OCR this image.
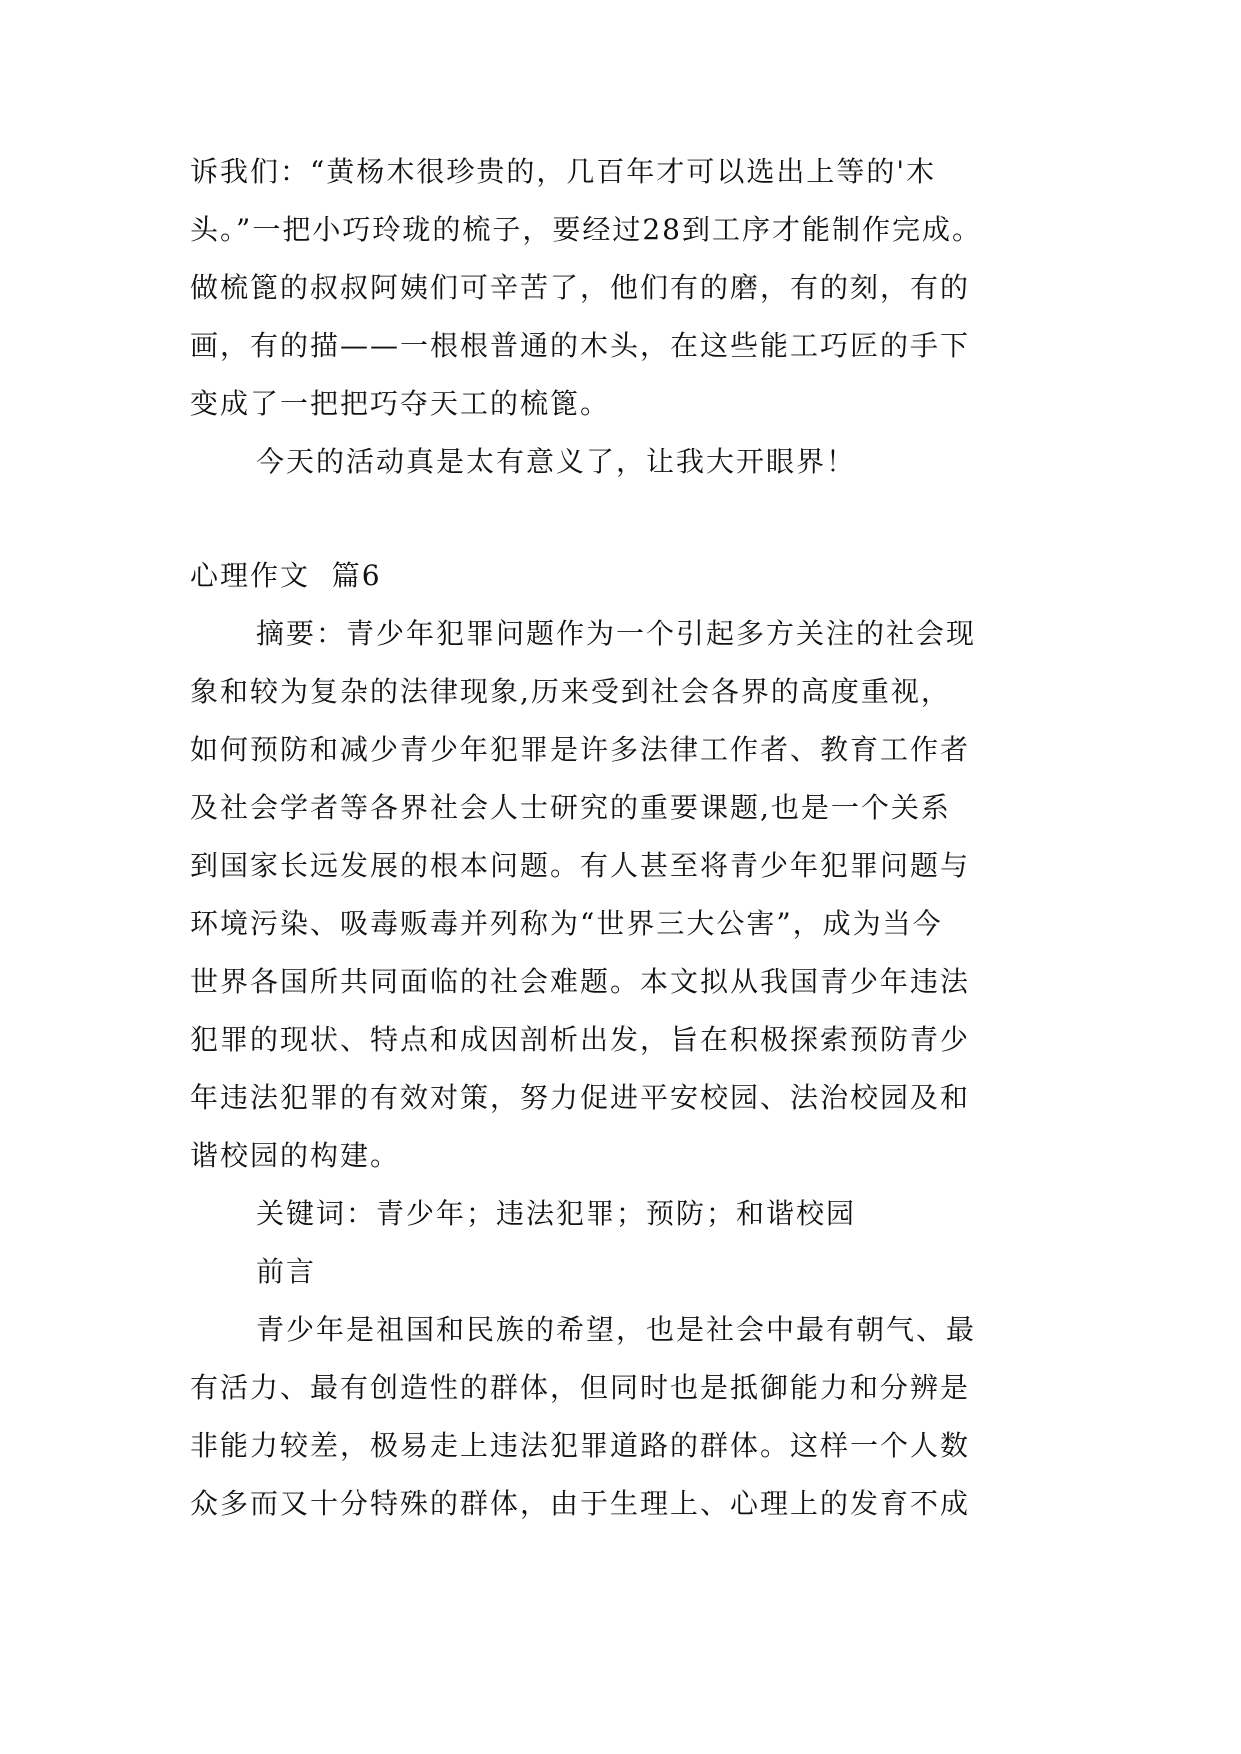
诉我们：“黄杨木很珍贵的，几百年才可以选出上等的'木
头。”一把小巧玲珑的梳子，要经过28到工序才能制作完成。
做梳篦的叔叔阿姨们可辛苦了，他们有的磨，有的刻，有的
画，有的描——一根根普通的木头，在这些能工巧匠的手下
变成了一把把巧夺天工的梳篦。
今天的活动真是太有意义了，让我大开眼界！
心理作文  篇6
摘要：青少年犯罪问题作为一个引起多方关注的社会现
象和较为复杂的法律现象,历来受到社会各界的高度重视，
如何预防和减少青少年犯罪是许多法律工作者、教育工作者
及社会学者等各界社会人士研究的重要课题,也是一个关系
到国家长远发展的根本问题。有人甚至将青少年犯罪问题与
环境污染、吸毒贩毒并列称为“世界三大公害”，成为当今
世界各国所共同面临的社会难题。本文拟从我国青少年违法
犯罪的现状、特点和成因剖析出发，旨在积极探索预防青少
年违法犯罪的有效对策，努力促进平安校园、法治校园及和
谐校园的构建。
关键词：青少年；违法犯罪；预防；和谐校园
前言
青少年是祖国和民族的希望，也是社会中最有朝气、最
有活力、最有创造性的群体，但同时也是抵御能力和分辨是
非能力较差，极易走上违法犯罪道路的群体。这样一个人数
众多而又十分特殊的群体，由于生理上、心理上的发育不成
